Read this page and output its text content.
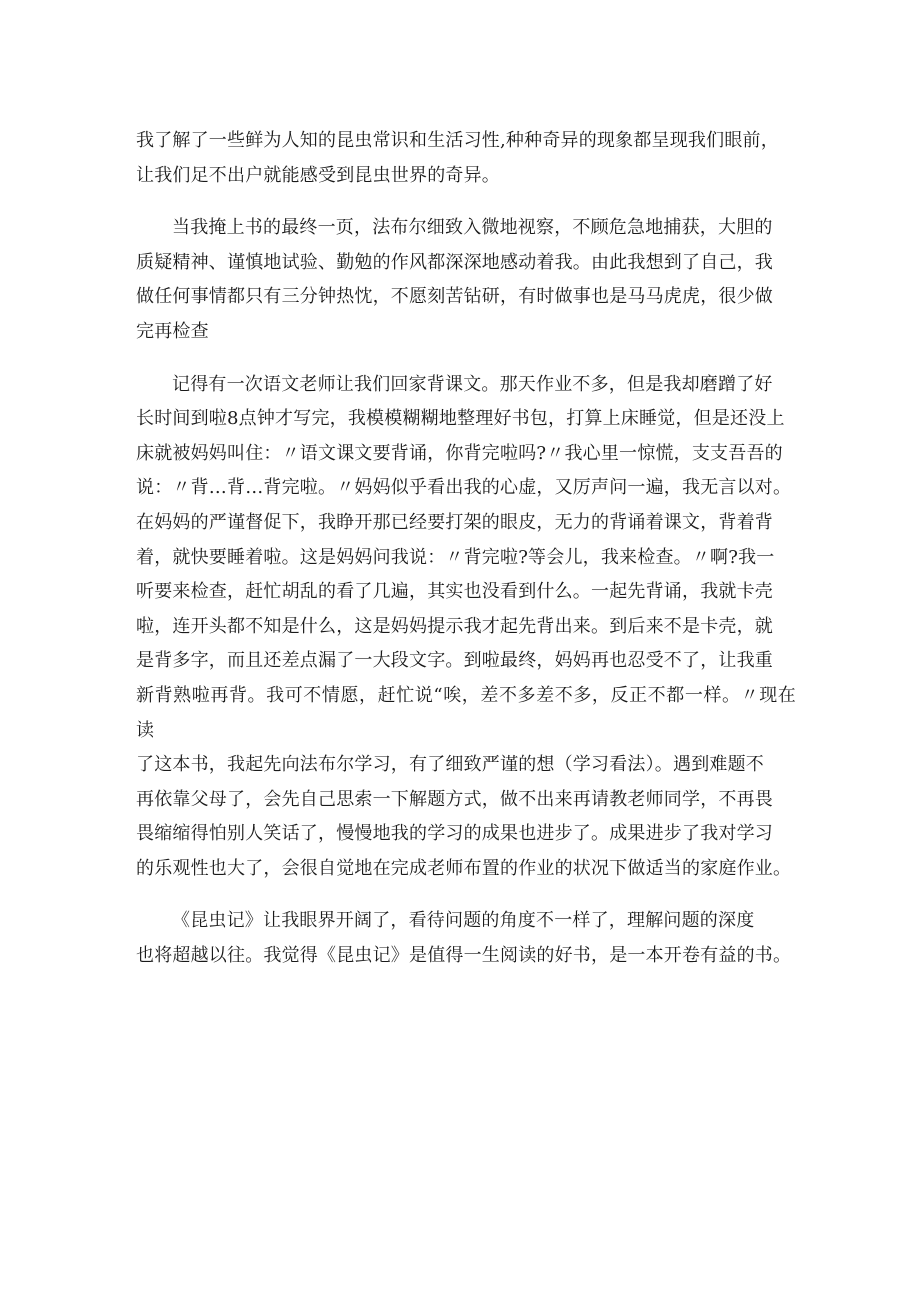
我了解了一些鲜为人知的昆虫常识和生活习性,种种奇异的现象都呈现我们眼前，
让我们足不出户就能感受到昆虫世界的奇异。

当我掩上书的最终一页，法布尔细致入微地视察，不顾危急地捕获，大胆的
质疑精神、谨慎地试验、勤勉的作风都深深地感动着我。由此我想到了自己，我
做任何事情都只有三分钟热忱，不愿刻苦钻研，有时做事也是马马虎虎，很少做
完再检查

记得有一次语文老师让我们回家背课文。那天作业不多，但是我却磨蹭了好
长时间到啦8点钟才写完，我模模糊糊地整理好书包，打算上床睡觉，但是还没上
床就被妈妈叫住：〃语文课文要背诵，你背完啦吗?〃我心里一惊慌，支支吾吾的
说：〃背…背…背完啦。〃妈妈似乎看出我的心虚，又厉声问一遍，我无言以对。
在妈妈的严谨督促下，我睁开那已经要打架的眼皮，无力的背诵着课文，背着背
着，就快要睡着啦。这是妈妈问我说：〃背完啦?等会儿，我来检查。〃啊?我一
听要来检查，赶忙胡乱的看了几遍，其实也没看到什么。一起先背诵，我就卡壳
啦，连开头都不知是什么，这是妈妈提示我才起先背出来。到后来不是卡壳，就
是背多字，而且还差点漏了一大段文字。到啦最终，妈妈再也忍受不了，让我重
新背熟啦再背。我可不情愿，赶忙说“唉，差不多差不多，反正不都一样。〃现在读
了这本书，我起先向法布尔学习，有了细致严谨的想（学习看法）。遇到难题不
再依靠父母了，会先自己思索一下解题方式，做不出来再请教老师同学，不再畏
畏缩缩得怕别人笑话了，慢慢地我的学习的成果也进步了。成果进步了我对学习
的乐观性也大了，会很自觉地在完成老师布置的作业的状况下做适当的家庭作业。

《昆虫记》让我眼界开阔了，看待问题的角度不一样了，理解问题的深度
也将超越以往。我觉得《昆虫记》是值得一生阅读的好书，是一本开卷有益的书。
